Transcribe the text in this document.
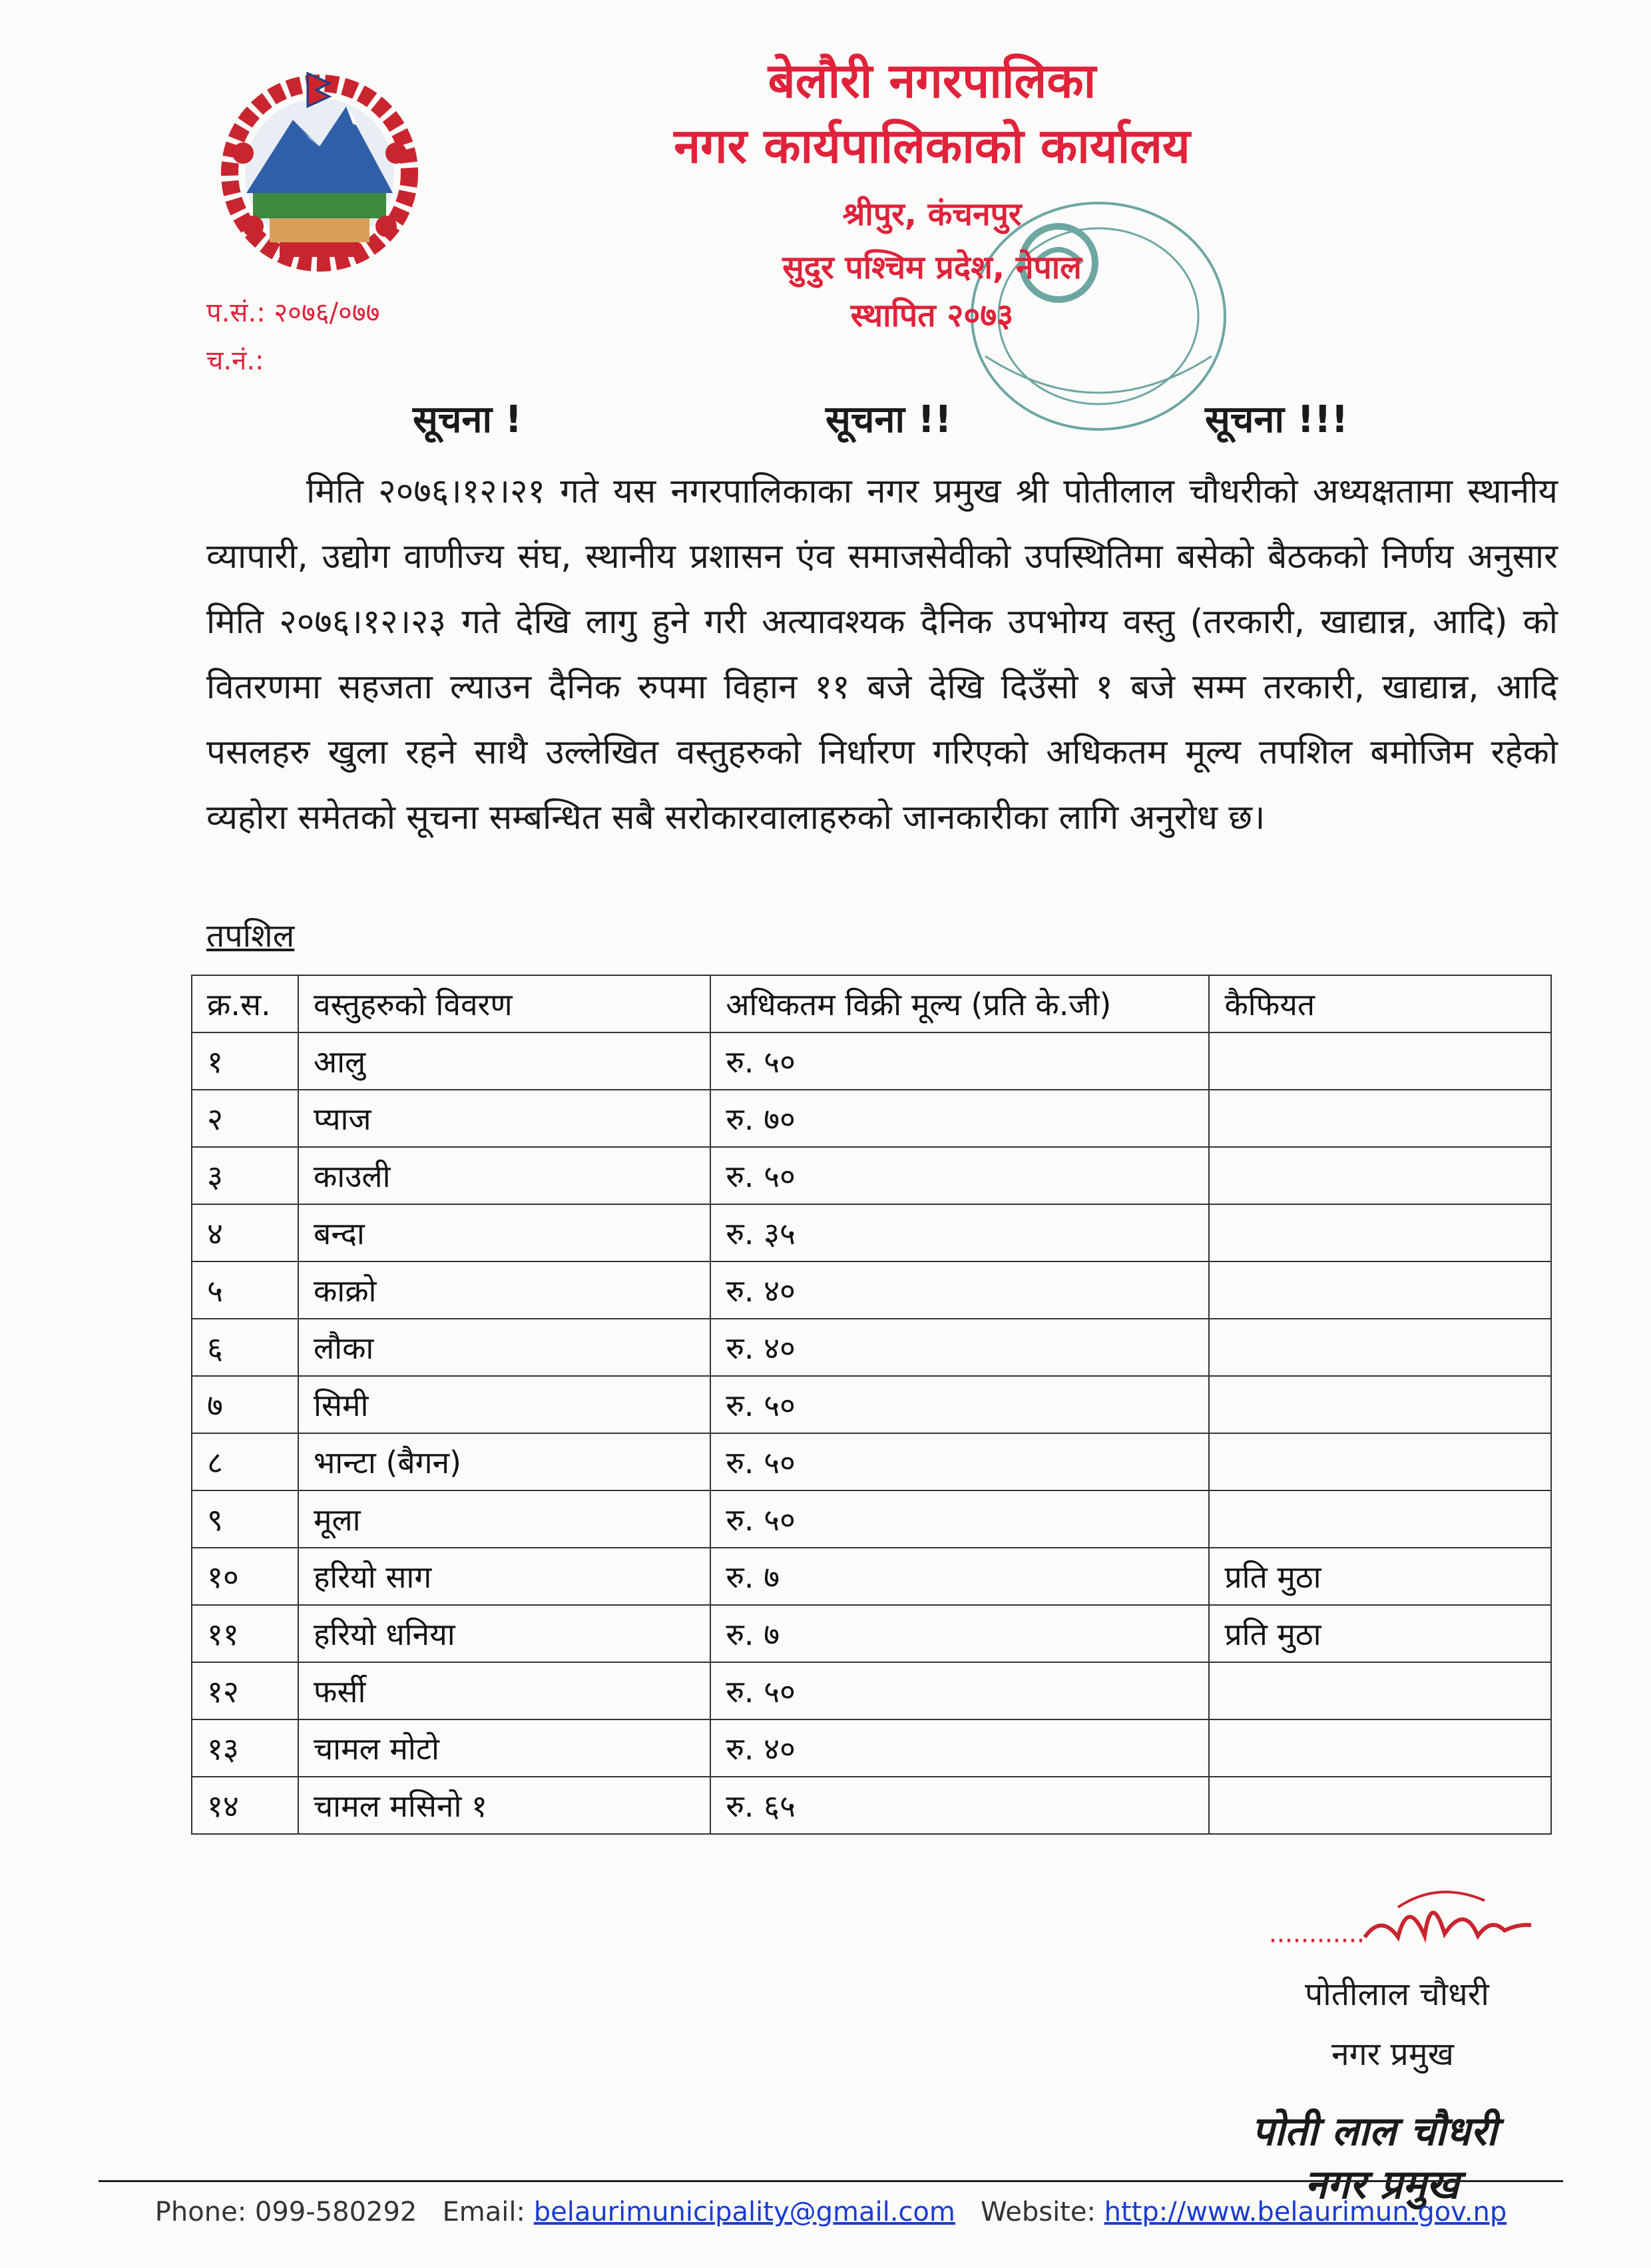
बेलौरी नगरपालिका
नगर कार्यपालिकाको कार्यालय
श्रीपुर, कंचनपुर
सुदुर पश्चिम प्रदेश, नेपाल
स्थापित २०७३
प.सं.: २०७६/०७७
च.नं.:
सूचना !	सूचना !!	सूचना !!!
मिति २०७६।१२।२१ गते यस नगरपालिकाका नगर प्रमुख श्री पोतीलाल चौधरीको अध्यक्षतामा स्थानीय व्यापारी, उद्योग वाणीज्य संघ, स्थानीय प्रशासन एंव समाजसेवीको उपस्थितिमा बसेको बैठकको निर्णय अनुसार मिति २०७६।१२।२३ गते देखि लागु हुने गरी अत्यावश्यक दैनिक उपभोग्य वस्तु (तरकारी, खाद्यान्न, आदि) को वितरणमा सहजता ल्याउन दैनिक रुपमा विहान ११ बजे देखि दिउँसो १ बजे सम्म तरकारी, खाद्यान्न, आदि पसलहरु खुला रहने साथै उल्लेखित वस्तुहरुको निर्धारण गरिएको अधिकतम मूल्य तपशिल बमोजिम रहेको व्यहोरा समेतको सूचना सम्बन्धित सबै सरोकारवालाहरुको जानकारीका लागि अनुरोध छ।
तपशिल
क्र.स.	वस्तुहरुको विवरण	अधिकतम विक्री मूल्य (प्रति के.जी)	कैफियत
१	आलु	रु. ५०	
२	प्याज	रु. ७०	
३	काउली	रु. ५०	
४	बन्दा	रु. ३५	
५	काक्रो	रु. ४०	
६	लौका	रु. ४०	
७	सिमी	रु. ५०	
८	भान्टा (बैगन)	रु. ५०	
९	मूला	रु. ५०	
१०	हरियो साग	रु. ७	प्रति मुठा
११	हरियो धनिया	रु. ७	प्रति मुठा
१२	फर्सी	रु. ५०	
१३	चामल मोटो	रु. ४०	
१४	चामल मसिनो १	रु. ६५	
पोतीलाल चौधरी
नगर प्रमुख
पोती लाल चौधरी
नगर प्रमुख
Phone: 099-580292 Email: belaurimunicipality@gmail.com Website: http://www.belaurimun.gov.np
